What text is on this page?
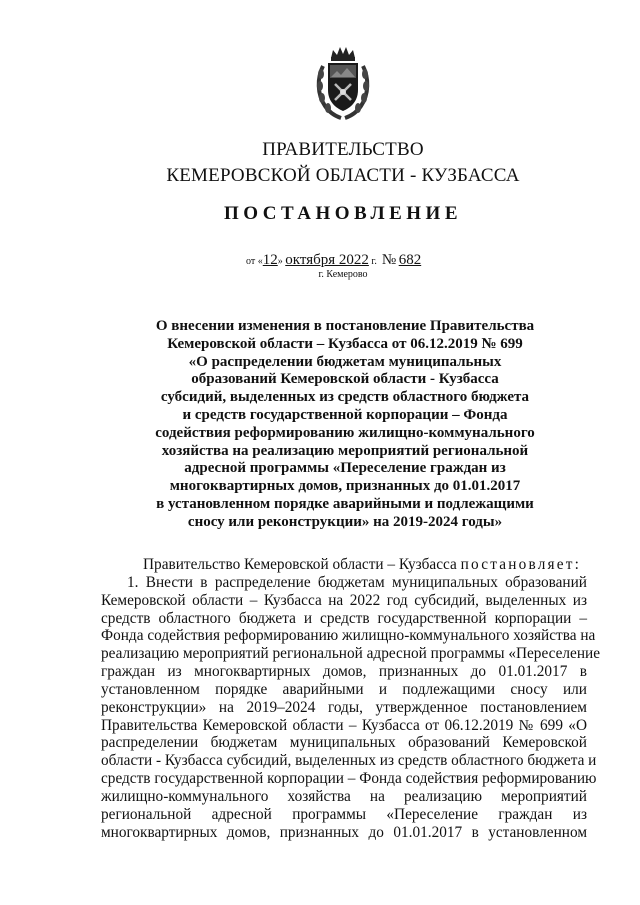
ПРАВИТЕЛЬСТВО
КЕМЕРОВСКОЙ ОБЛАСТИ - КУЗБАССА
ПОСТАНОВЛЕНИЕ
от «12» октября 2022 г. № 682
г. Кемерово
О внесении изменения в постановление Правительства
Кемеровской области – Кузбасса от 06.12.2019 № 699
«О распределении бюджетам муниципальных
образований Кемеровской области - Кузбасса
субсидий, выделенных из средств областного бюджета
и средств государственной корпорации – Фонда
содействия реформированию жилищно-коммунального
хозяйства на реализацию мероприятий региональной
адресной программы «Переселение граждан из
многоквартирных домов, признанных до 01.01.2017
в установленном порядке аварийными и подлежащими
сносу или реконструкции» на 2019-2024 годы»
Правительство Кемеровской области – Кузбасса постановляет:
1. Внести в распределение бюджетам муниципальных образований
Кемеровской области – Кузбасса на 2022 год субсидий, выделенных из
средств областного бюджета и средств государственной корпорации –
Фонда содействия реформированию жилищно-коммунального хозяйства на
реализацию мероприятий региональной адресной программы «Переселение
граждан из многоквартирных домов, признанных до 01.01.2017 в
установленном порядке аварийными и подлежащими сносу или
реконструкции» на 2019–2024 годы, утвержденное постановлением
Правительства Кемеровской области – Кузбасса от 06.12.2019 № 699 «О
распределении бюджетам муниципальных образований Кемеровской
области - Кузбасса субсидий, выделенных из средств областного бюджета и
средств государственной корпорации – Фонда содействия реформированию
жилищно-коммунального хозяйства на реализацию мероприятий
региональной адресной программы «Переселение граждан из
многоквартирных домов, признанных до 01.01.2017 в установленном
